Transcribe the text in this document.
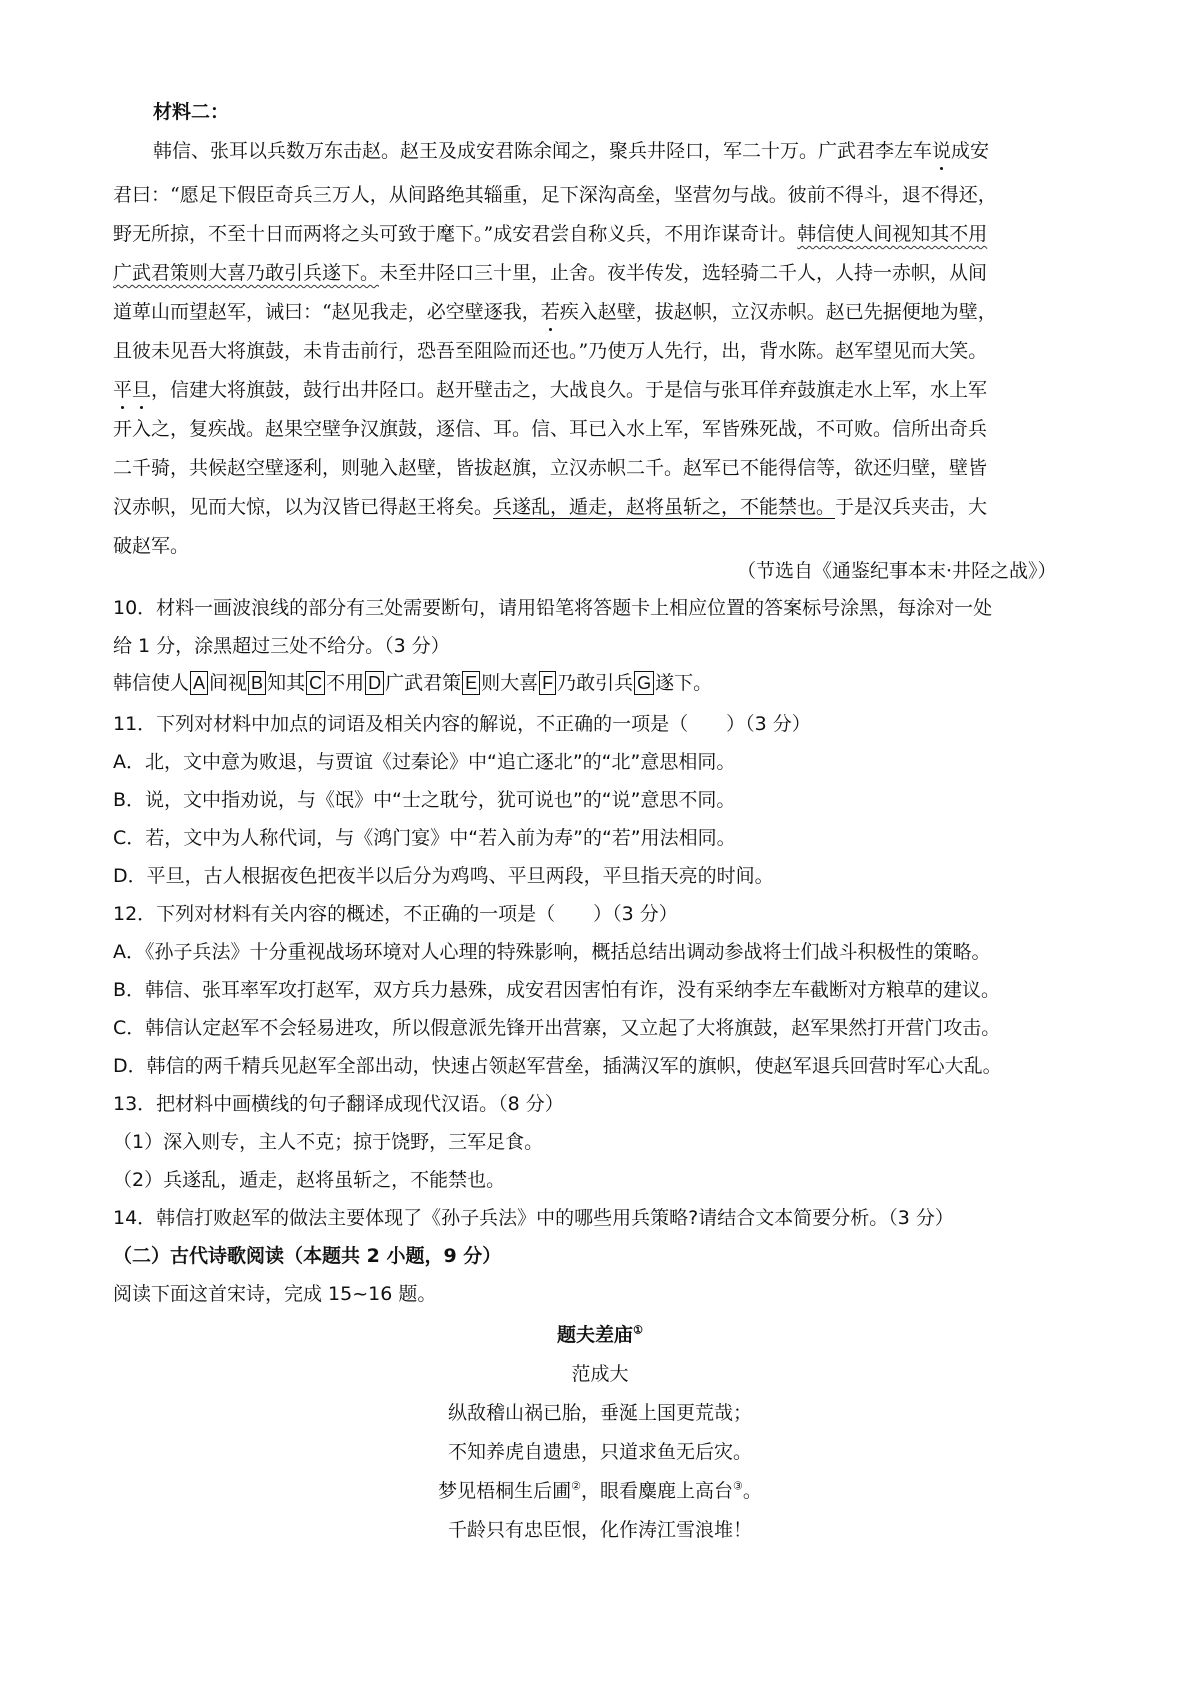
材料二：
韩信、张耳以兵数万东击赵。赵王及成安君陈余闻之，聚兵井陉口，军二十万。广武君李左车说成安
君曰：“愿足下假臣奇兵三万人，从间路绝其辎重，足下深沟高垒，坚营勿与战。彼前不得斗，退不得还，
野无所掠，不至十日而两将之头可致于麾下。”成安君尝自称义兵，不用诈谋奇计。韩信使人间视知其不用
广武君策则大喜乃敢引兵遂下。未至井陉口三十里，止舍。夜半传发，选轻骑二千人，人持一赤帜，从间
道萆山而望赵军，诫曰：“赵见我走，必空壁逐我，若疾入赵壁，拔赵帜，立汉赤帜。赵已先据便地为壁，
且彼未见吾大将旗鼓，未肯击前行，恐吾至阻险而还也。”乃使万人先行，出，背水陈。赵军望见而大笑。
平旦，信建大将旗鼓，鼓行出井陉口。赵开壁击之，大战良久。于是信与张耳佯弃鼓旗走水上军，水上军
开入之，复疾战。赵果空壁争汉旗鼓，逐信、耳。信、耳已入水上军，军皆殊死战，不可败。信所出奇兵
二千骑，共候赵空壁逐利，则驰入赵壁，皆拔赵旗，立汉赤帜二千。赵军已不能得信等，欲还归壁，壁皆
汉赤帜，见而大惊，以为汉皆已得赵王将矣。兵遂乱，遁走，赵将虽斩之，不能禁也。于是汉兵夹击，大
破赵军。
（节选自《通鉴纪事本末·井陉之战》）
10．材料一画波浪线的部分有三处需要断句，请用铅笔将答题卡上相应位置的答案标号涂黑，每涂对一处
给 1 分，涂黑超过三处不给分。（3 分）
韩信使人 A 间视 B 知其 C 不用 D 广武君策 E 则大喜 F 乃敢引兵 G 遂下。
11．下列对材料中加点的词语及相关内容的解说，不正确的一项是（　　）（3 分）
A．北，文中意为败退，与贾谊《过秦论》中“追亡逐北”的“北”意思相同。
B．说，文中指劝说，与《氓》中“士之耽兮，犹可说也”的“说”意思不同。
C．若，文中为人称代词，与《鸿门宴》中“若入前为寿”的“若”用法相同。
D．平旦，古人根据夜色把夜半以后分为鸡鸣、平旦两段，平旦指天亮的时间。
12．下列对材料有关内容的概述，不正确的一项是（　　）（3 分）
A．《孙子兵法》十分重视战场环境对人心理的特殊影响，概括总结出调动参战将士们战斗积极性的策略。
B．韩信、张耳率军攻打赵军，双方兵力悬殊，成安君因害怕有诈，没有采纳李左车截断对方粮草的建议。
C．韩信认定赵军不会轻易进攻，所以假意派先锋开出营寨，又立起了大将旗鼓，赵军果然打开营门攻击。
D．韩信的两千精兵见赵军全部出动，快速占领赵军营垒，插满汉军的旗帜，使赵军退兵回营时军心大乱。
13．把材料中画横线的句子翻译成现代汉语。（8 分）
（1）深入则专，主人不克；掠于饶野，三军足食。
（2）兵遂乱，遁走，赵将虽斩之，不能禁也。
14．韩信打败赵军的做法主要体现了《孙子兵法》中的哪些用兵策略?请结合文本简要分析。（3 分）
（二）古代诗歌阅读（本题共 2 小题，9 分）
阅读下面这首宋诗，完成 15~16 题。
题夫差庙①
范成大
纵敌稽山祸已胎，垂涎上国更荒哉；
不知养虎自遗患，只道求鱼无后灾。
梦见梧桐生后圃②，眼看麋鹿上高台③。
千龄只有忠臣恨，化作涛江雪浪堆！
